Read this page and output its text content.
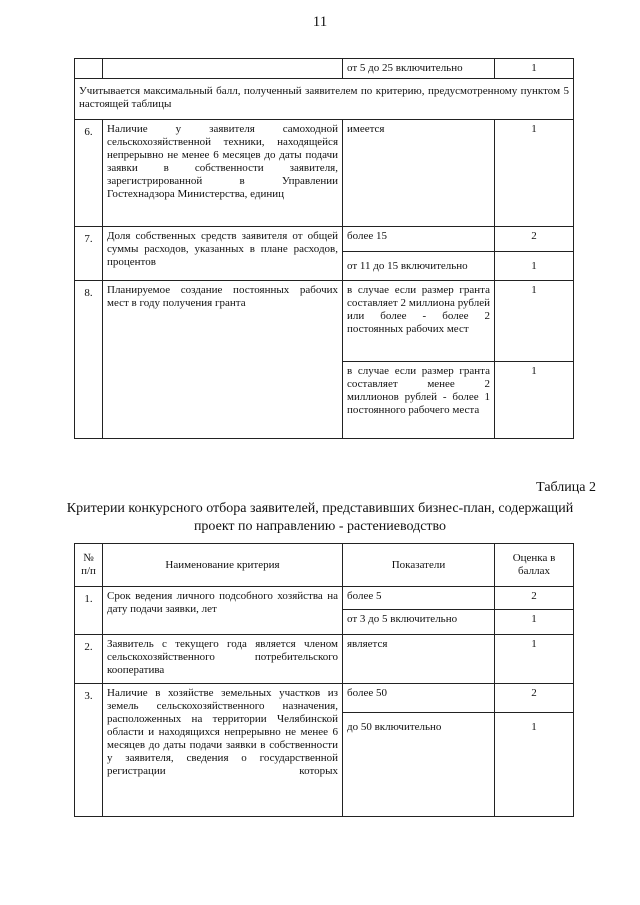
11
		от 5 до 25 включительно	1
Учитывается максимальный балл, полученный заявителем по критерию, предусмотренному пунктом 5 настоящей таблицы			
6.	Наличие у заявителя самоходной сельскохозяйственной техники, находящейся непрерывно не менее 6 месяцев до даты подачи заявки в собственности заявителя, зарегистрированной в Управлении Гостехнадзора Министерства, единиц	имеется	1
7.	Доля собственных средств заявителя от общей суммы расходов, указанных в плане расходов, процентов	более 15	2
		от 11 до 15 включительно	1
8.	Планируемое создание постоянных рабочих мест в году получения гранта	в случае если размер гранта составляет 2 миллиона рублей или более - более 2 постоянных рабочих мест	1
		в случае если размер гранта составляет менее 2 миллионов рублей - более 1 постоянного рабочего места	1
Таблица 2
Критерии конкурсного отбора заявителей, представивших бизнес-план, содержащий проект по направлению - растениеводство
№ п/п	Наименование критерия	Показатели	Оценка в баллах
1.	Срок ведения личного подсобного хозяйства на дату подачи заявки, лет	более 5	2
		от 3 до 5 включительно	1
2.	Заявитель с текущего года является членом сельскохозяйственного потребительского кооператива	является	1
3.	Наличие в хозяйстве земельных участков из земель сельскохозяйственного назначения, расположенных на территории Челябинской области и находящихся непрерывно не менее 6 месяцев до даты подачи заявки в собственности у заявителя, сведения о государственной регистрации которых	более 50	2
		до 50 включительно	1
